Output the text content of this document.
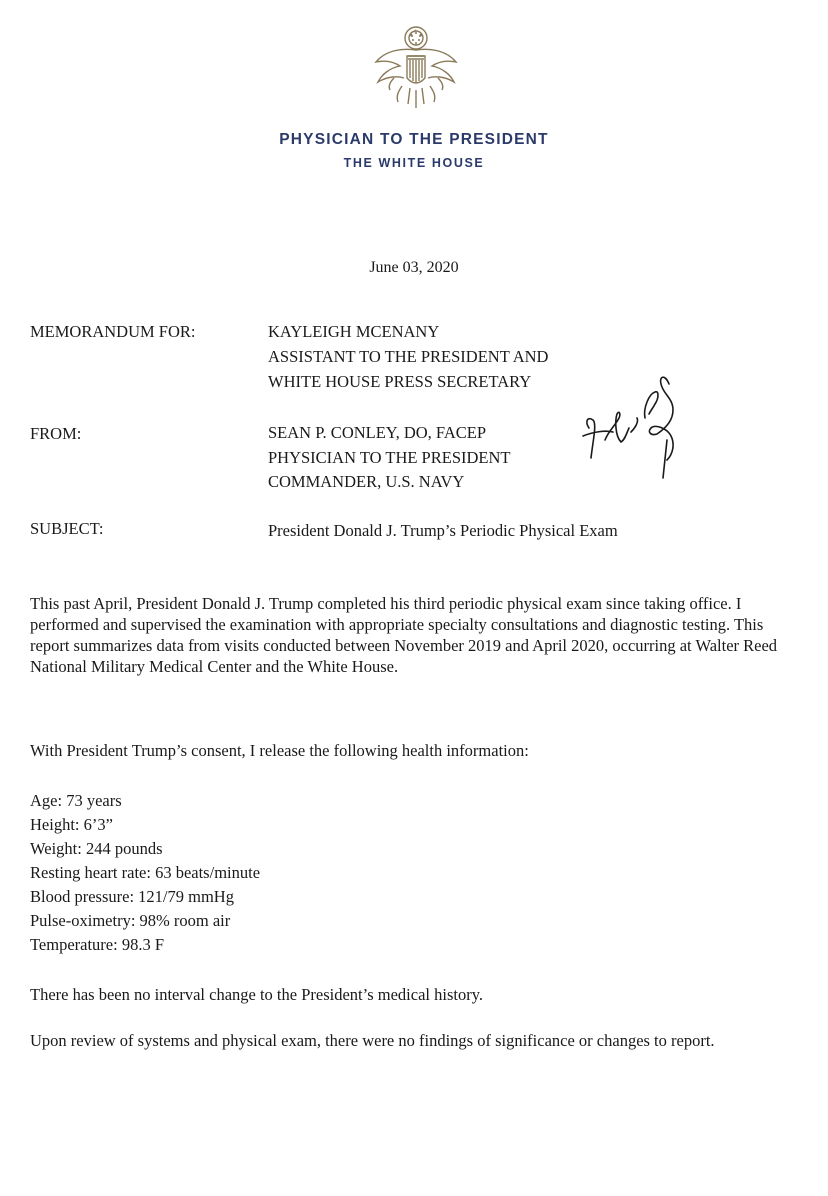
PHYSICIAN TO THE PRESIDENT
THE WHITE HOUSE
June 03, 2020
MEMORANDUM FOR:	KAYLEIGH MCENANY
ASSISTANT TO THE PRESIDENT AND
WHITE HOUSE PRESS SECRETARY
FROM:	SEAN P. CONLEY, DO, FACEP
PHYSICIAN TO THE PRESIDENT
COMMANDER, U.S. NAVY
SUBJECT:	President Donald J. Trump’s Periodic Physical Exam
This past April, President Donald J. Trump completed his third periodic physical exam since taking office. I performed and supervised the examination with appropriate specialty consultations and diagnostic testing. This report summarizes data from visits conducted between November 2019 and April 2020, occurring at Walter Reed National Military Medical Center and the White House.
With President Trump’s consent, I release the following health information:
Age: 73 years
Height: 6’3”
Weight: 244 pounds
Resting heart rate: 63 beats/minute
Blood pressure: 121/79 mmHg
Pulse-oximetry: 98% room air
Temperature: 98.3 F
There has been no interval change to the President’s medical history.
Upon review of systems and physical exam, there were no findings of significance or changes to report.
